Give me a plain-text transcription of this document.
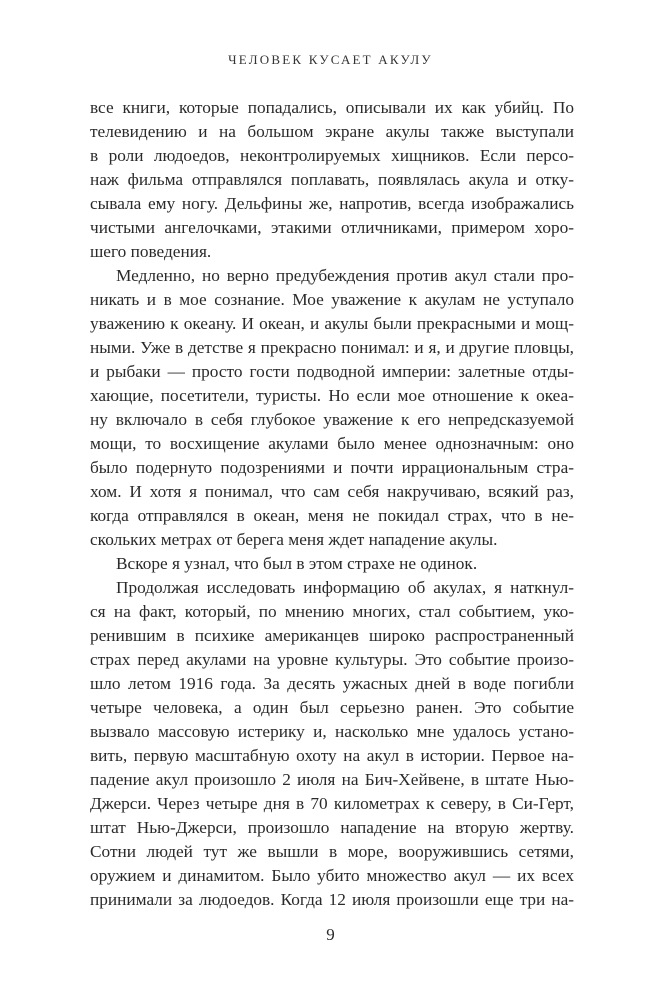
ЧЕЛОВЕК КУСАЕТ АКУЛУ
все книги, которые попадались, описывали их как убийц. По
телевидению и на большом экране акулы также выступали
в роли людоедов, неконтролируемых хищников. Если персо-
наж фильма отправлялся поплавать, появлялась акула и отку-
сывала ему ногу. Дельфины же, напротив, всегда изображались
чистыми ангелочками, этакими отличниками, примером хоро-
шего поведения.
Медленно, но верно предубеждения против акул стали про-
никать и в мое сознание. Мое уважение к акулам не уступало
уважению к океану. И океан, и акулы были прекрасными и мощ-
ными. Уже в детстве я прекрасно понимал: и я, и другие пловцы,
и рыбаки — просто гости подводной империи: залетные отды-
хающие, посетители, туристы. Но если мое отношение к океа-
ну включало в себя глубокое уважение к его непредсказуемой
мощи, то восхищение акулами было менее однозначным: оно
было подернуто подозрениями и почти иррациональным стра-
хом. И хотя я понимал, что сам себя накручиваю, всякий раз,
когда отправлялся в океан, меня не покидал страх, что в не-
скольких метрах от берега меня ждет нападение акулы.
Вскоре я узнал, что был в этом страхе не одинок.
Продолжая исследовать информацию об акулах, я наткнул-
ся на факт, который, по мнению многих, стал событием, уко-
ренившим в психике американцев широко распространенный
страх перед акулами на уровне культуры. Это событие произо-
шло летом 1916 года. За десять ужасных дней в воде погибли
четыре человека, а один был серьезно ранен. Это событие
вызвало массовую истерику и, насколько мне удалось устано-
вить, первую масштабную охоту на акул в истории. Первое на-
падение акул произошло 2 июля на Бич-Хейвене, в штате Нью-
Джерси. Через четыре дня в 70 километрах к северу, в Си-Герт,
штат Нью-Джерси, произошло нападение на вторую жертву.
Сотни людей тут же вышли в море, вооружившись сетями,
оружием и динамитом. Было убито множество акул — их всех
принимали за людоедов. Когда 12 июля произошли еще три на-
9
